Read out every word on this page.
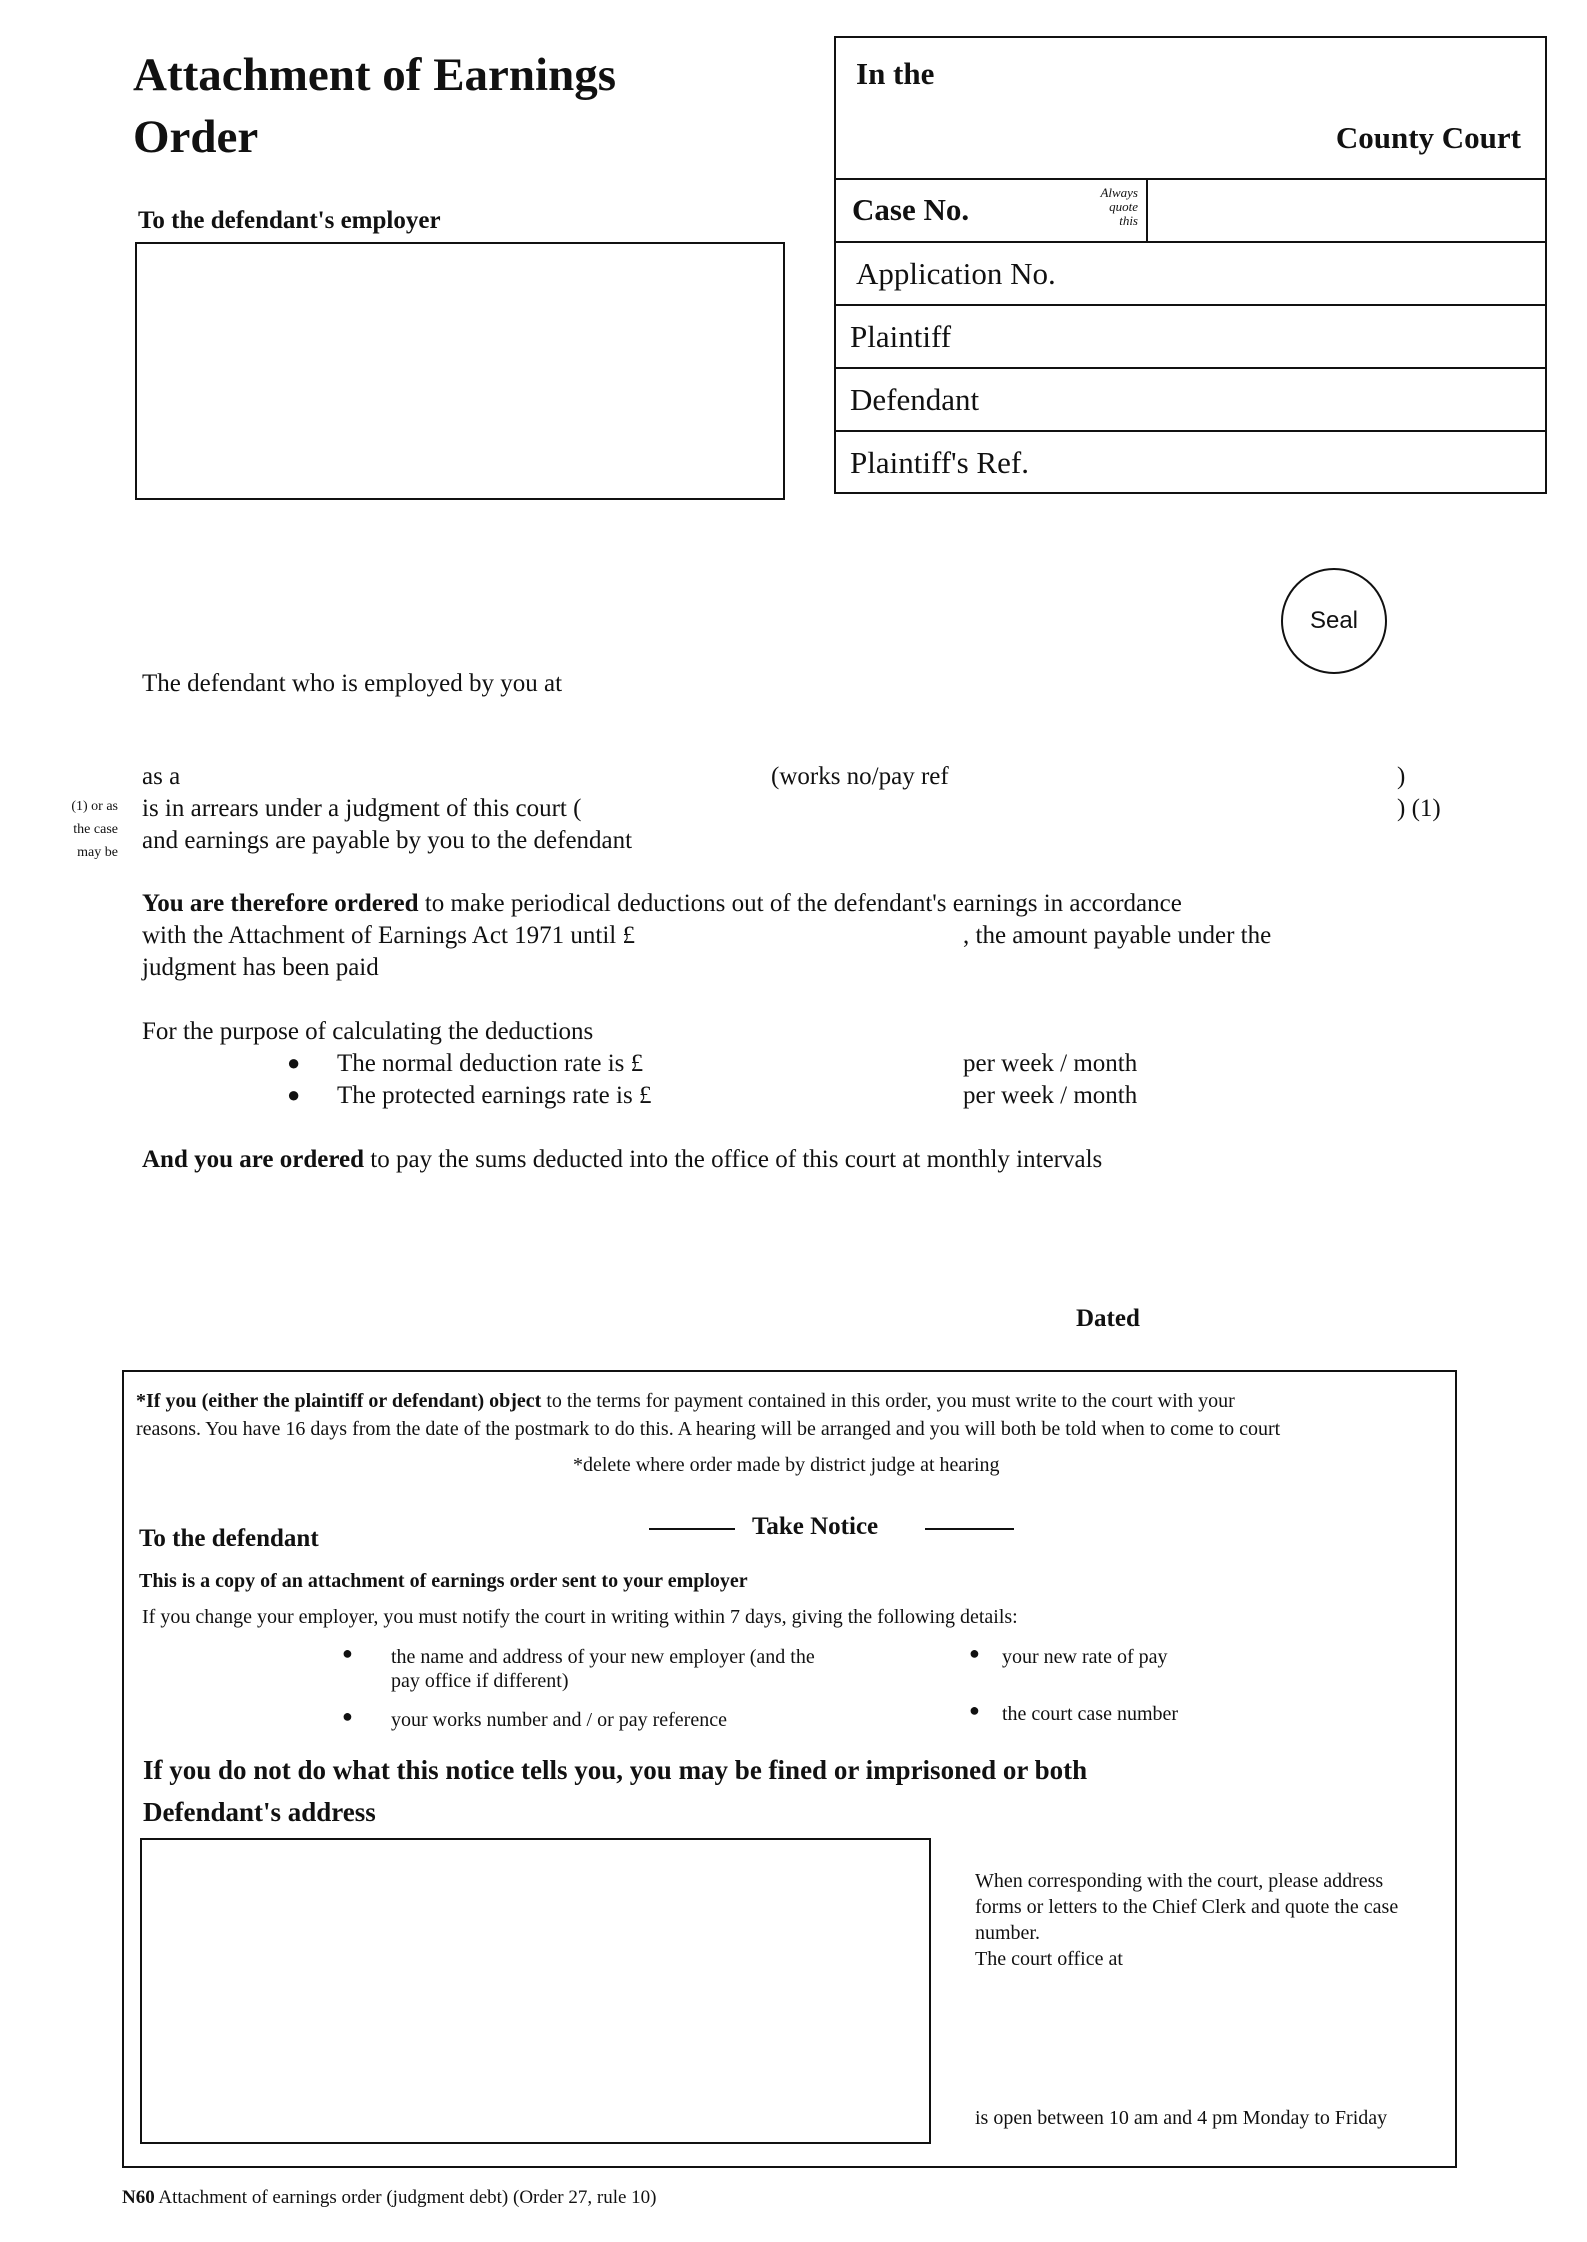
Attachment of Earnings Order
To the defendant's employer
In the
County Court
Case No.	Always
quote
this
Application No.
Plaintiff
Defendant
Plaintiff's Ref.
Seal
The defendant who is employed by you at
as a	(works no/pay ref	)
is in arrears under a judgment of this court (	) (1)
and earnings are payable by you to the defendant
(1) or as
the case
may be
You are therefore ordered to make periodical deductions out of the defendant's earnings in accordance
with the Attachment of Earnings Act 1971 until £	, the amount payable under the
judgment has been paid
For the purpose of calculating the deductions
● The normal deduction rate is £	per week / month
● The protected earnings rate is £	per week / month
And you are ordered to pay the sums deducted into the office of this court at monthly intervals
Dated
*If you (either the plaintiff or defendant) object to the terms for payment contained in this order, you must write to the court with your
reasons. You have 16 days from the date of the postmark to do this. A hearing will be arranged and you will both be told when to come to court
*delete where order made by district judge at hearing
To the defendant	Take Notice
This is a copy of an attachment of earnings order sent to your employer
If you change your employer, you must notify the court in writing within 7 days, giving the following details:
● the name and address of your new employer (and the
pay office if different)
● your works number and / or pay reference
● your new rate of pay
● the court case number
If you do not do what this notice tells you, you may be fined or imprisoned or both
Defendant's address
When corresponding with the court, please address
forms or letters to the Chief Clerk and quote the case
number.
The court office at
is open between 10 am and 4 pm Monday to Friday
N60 Attachment of earnings order (judgment debt) (Order 27, rule 10)
